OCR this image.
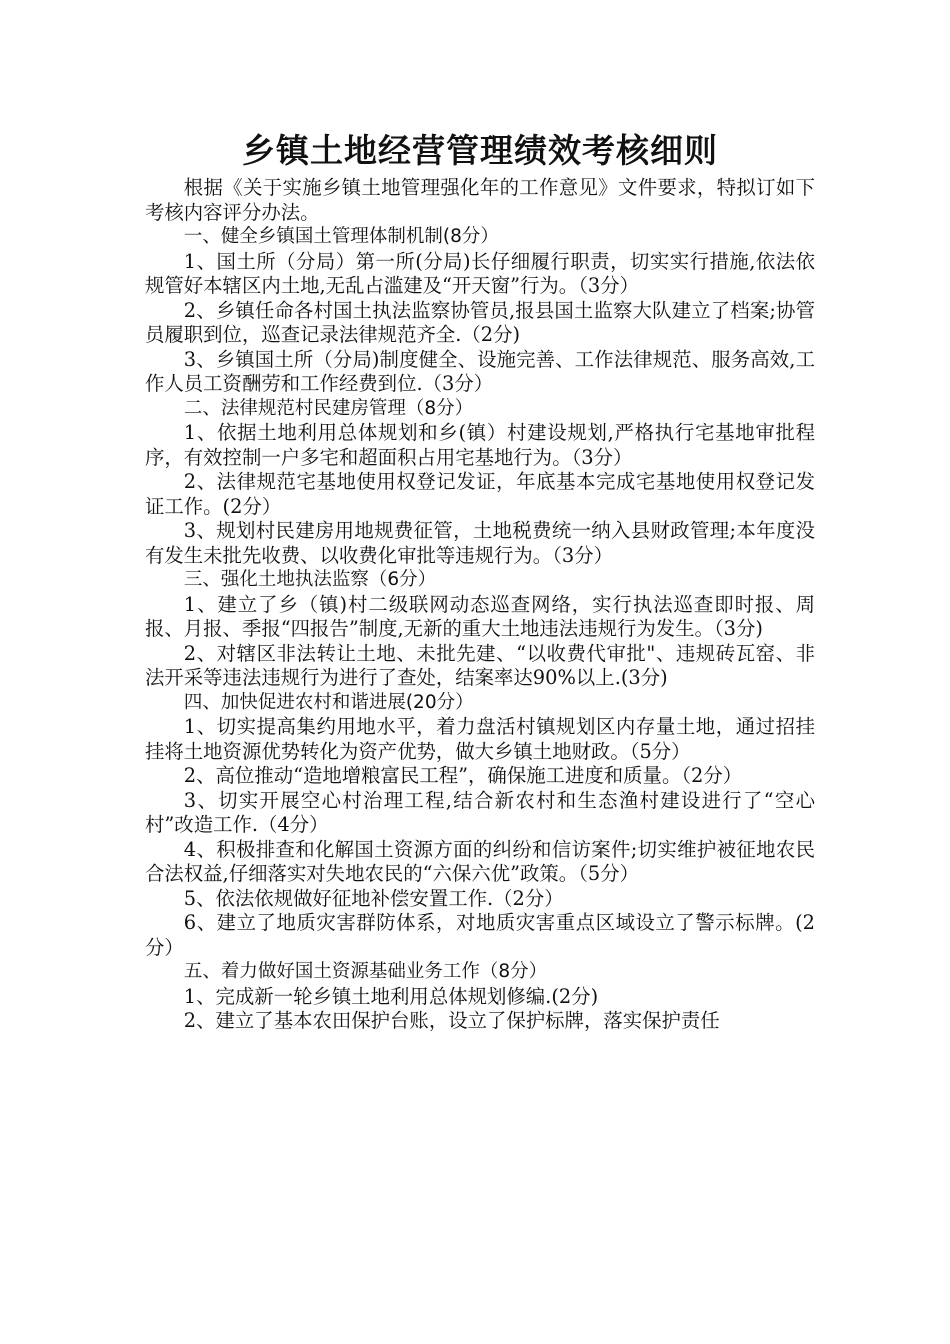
乡镇土地经营管理绩效考核细则

根据《关于实施乡镇土地管理强化年的工作意见》文件要求，特拟订如下考核内容评分办法。

一、健全乡镇国土管理体制机制(8分）

1、国土所（分局）第一所(分局)长仔细履行职责，切实实行措施,依法依规管好本辖区内土地,无乱占滥建及“开天窗”行为。（3分）

2、乡镇任命各村国土执法监察协管员,报县国土监察大队建立了档案;协管员履职到位，巡查记录法律规范齐全.（2分)

3、乡镇国土所（分局)制度健全、设施完善、工作法律规范、服务高效,工作人员工资酬劳和工作经费到位.（3分）

二、法律规范村民建房管理（8分）

1、依据土地利用总体规划和乡(镇）村建设规划,严格执行宅基地审批程序，有效控制一户多宅和超面积占用宅基地行为。（3分）

2、法律规范宅基地使用权登记发证，年底基本完成宅基地使用权登记发证工作。(2分）

3、规划村民建房用地规费征管，土地税费统一纳入县财政管理;本年度没有发生未批先收费、以收费化审批等违规行为。（3分）

三、强化土地执法监察（6分）

1、建立了乡（镇)村二级联网动态巡查网络，实行执法巡查即时报、周报、月报、季报“四报告”制度,无新的重大土地违法违规行为发生。（3分)

2、对辖区非法转让土地、未批先建、“以收费代审批"、违规砖瓦窑、非法开采等违法违规行为进行了查处，结案率达90%以上.(3分)

四、加快促进农村和谐进展(20分）

1、切实提高集约用地水平，着力盘活村镇规划区内存量土地，通过招挂挂将土地资源优势转化为资产优势，做大乡镇土地财政。（5分）

2、高位推动“造地增粮富民工程”，确保施工进度和质量。（2分）

3、切实开展空心村治理工程,结合新农村和生态渔村建设进行了“空心村”改造工作.（4分）

4、积极排查和化解国土资源方面的纠纷和信访案件;切实维护被征地农民合法权益,仔细落实对失地农民的“六保六优”政策。（5分）

5、依法依规做好征地补偿安置工作.（2分）

6、建立了地质灾害群防体系，对地质灾害重点区域设立了警示标牌。(2分）

五、着力做好国土资源基础业务工作（8分）

1、完成新一轮乡镇土地利用总体规划修编.(2分)

2、建立了基本农田保护台账，设立了保护标牌，落实保护责任
